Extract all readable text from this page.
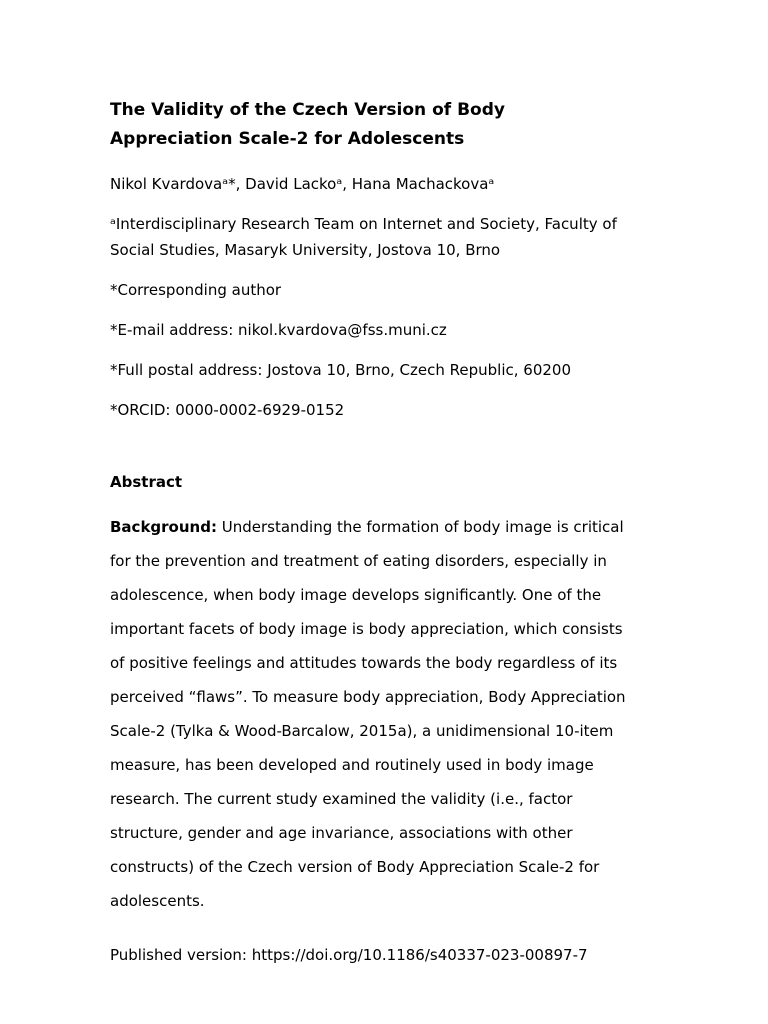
The Validity of the Czech Version of Body
Appreciation Scale-2 for Adolescents
Nikol Kvardovaᵃ*, David Lackoᵃ, Hana Machackovaᵃ
ᵃInterdisciplinary Research Team on Internet and Society, Faculty of
Social Studies, Masaryk University, Jostova 10, Brno
*Corresponding author
*E-mail address: nikol.kvardova@fss.muni.cz
*Full postal address: Jostova 10, Brno, Czech Republic, 60200
*ORCID: 0000-0002-6929-0152
Abstract
Background: Understanding the formation of body image is critical
for the prevention and treatment of eating disorders, especially in
adolescence, when body image develops significantly. One of the
important facets of body image is body appreciation, which consists
of positive feelings and attitudes towards the body regardless of its
perceived “flaws”. To measure body appreciation, Body Appreciation
Scale-2 (Tylka & Wood-Barcalow, 2015a), a unidimensional 10-item
measure, has been developed and routinely used in body image
research. The current study examined the validity (i.e., factor
structure, gender and age invariance, associations with other
constructs) of the Czech version of Body Appreciation Scale-2 for
adolescents.
Published version: https://doi.org/10.1186/s40337-023-00897-7
